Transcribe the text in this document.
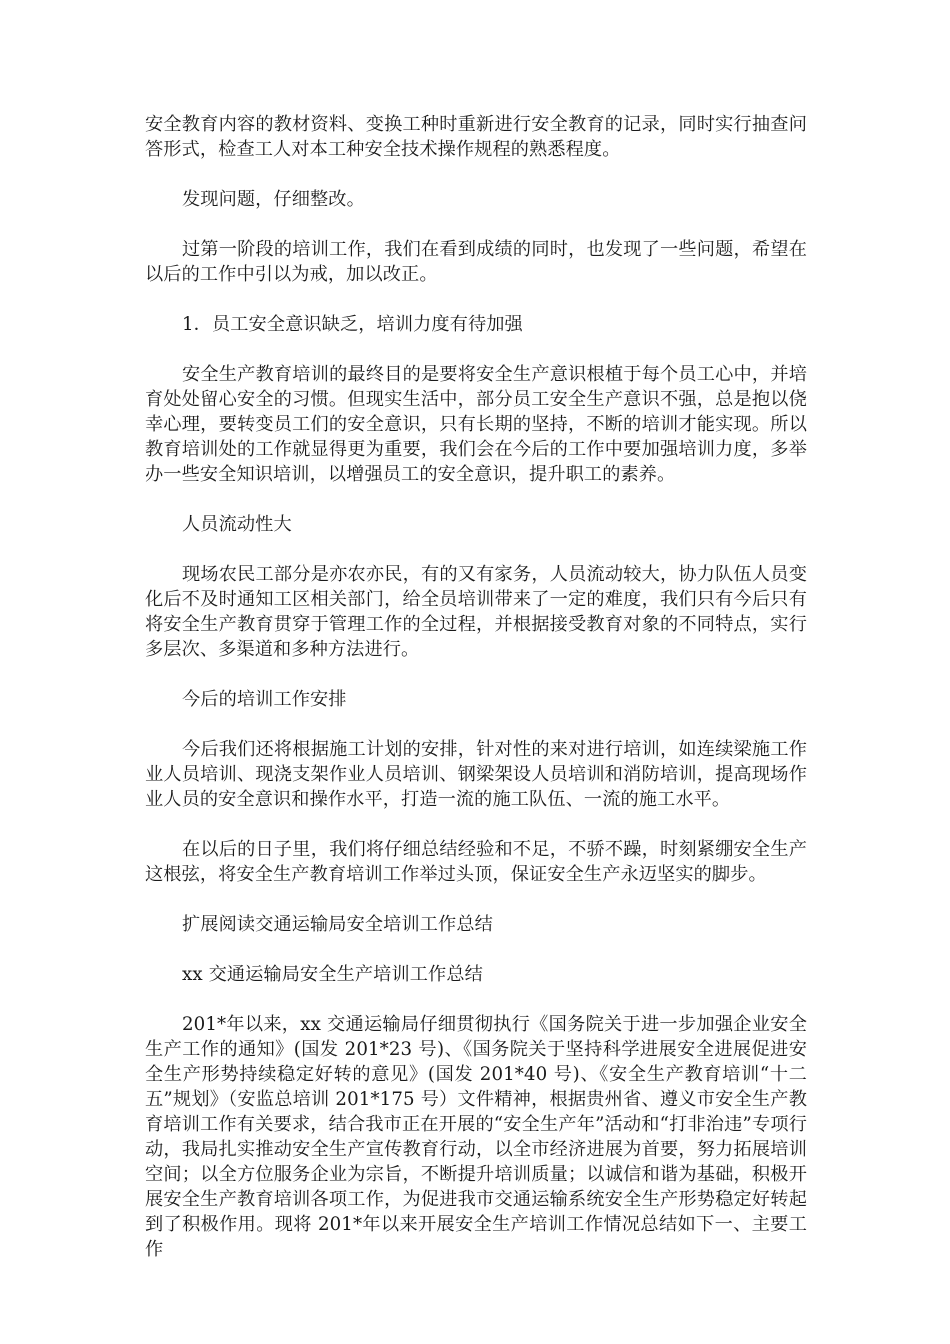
安全教育内容的教材资料、变换工种时重新进行安全教育的记录，同时实行抽查问答形式，检查工人对本工种安全技术操作规程的熟悉程度。

发现问题，仔细整改。

过第一阶段的培训工作，我们在看到成绩的同时，也发现了一些问题，希望在以后的工作中引以为戒，加以改正。

1．员工安全意识缺乏，培训力度有待加强

安全生产教育培训的最终目的是要将安全生产意识根植于每个员工心中，并培育处处留心安全的习惯。但现实生活中，部分员工安全生产意识不强，总是抱以侥幸心理，要转变员工们的安全意识，只有长期的坚持，不断的培训才能实现。所以教育培训处的工作就显得更为重要，我们会在今后的工作中要加强培训力度，多举办一些安全知识培训，以增强员工的安全意识，提升职工的素养。

人员流动性大

现场农民工部分是亦农亦民，有的又有家务，人员流动较大，协力队伍人员变化后不及时通知工区相关部门，给全员培训带来了一定的难度，我们只有今后只有将安全生产教育贯穿于管理工作的全过程，并根据接受教育对象的不同特点，实行多层次、多渠道和多种方法进行。

今后的培训工作安排

今后我们还将根据施工计划的安排，针对性的来对进行培训，如连续梁施工作业人员培训、现浇支架作业人员培训、钢梁架设人员培训和消防培训，提高现场作业人员的安全意识和操作水平，打造一流的施工队伍、一流的施工水平。

在以后的日子里，我们将仔细总结经验和不足，不骄不躁，时刻紧绷安全生产这根弦，将安全生产教育培训工作举过头顶，保证安全生产永迈坚实的脚步。

扩展阅读交通运输局安全培训工作总结

xx 交通运输局安全生产培训工作总结

201*年以来，xx 交通运输局仔细贯彻执行《国务院关于进一步加强企业安全生产工作的通知》(国发 201*23 号)、《国务院关于坚持科学进展安全进展促进安全生产形势持续稳定好转的意见》(国发 201*40 号)、《安全生产教育培训“十二五”规划》（安监总培训 201*175 号）文件精神，根据贵州省、遵义市安全生产教育培训工作有关要求，结合我市正在开展的“安全生产年”活动和“打非治违”专项行动，我局扎实推动安全生产宣传教育行动，以全市经济进展为首要，努力拓展培训空间；以全方位服务企业为宗旨，不断提升培训质量；以诚信和谐为基础，积极开展安全生产教育培训各项工作，为促进我市交通运输系统安全生产形势稳定好转起到了积极作用。现将 201*年以来开展安全生产培训工作情况总结如下一、主要工作
